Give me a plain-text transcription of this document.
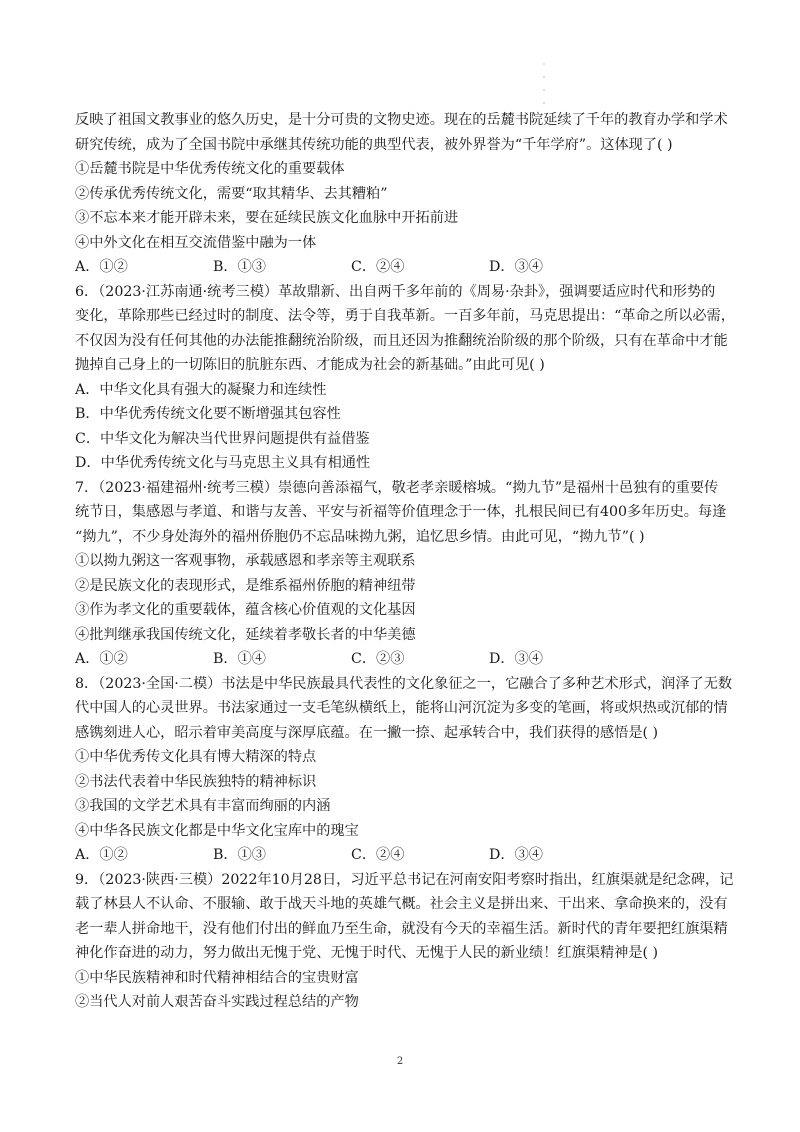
·
·
·
·
反映了祖国文教事业的悠久历史，是十分可贵的文物史迹。现在的岳麓书院延续了千年的教育办学和学术
研究传统，成为了全国书院中承继其传统功能的典型代表，被外界誉为“千年学府”。这体现了( )
①岳麓书院是中华优秀传统文化的重要载体
②传承优秀传统文化，需要“取其精华、去其糟粕”
③不忘本来才能开辟未来，要在延续民族文化血脉中开拓前进
④中外文化在相互交流借鉴中融为一体
A．①②	B．①③	C．②④	D．③④
6．（2023·江苏南通·统考三模）革故鼎新、出自两千多年前的《周易·杂卦》，强调要适应时代和形势的
变化，革除那些已经过时的制度、法令等，勇于自我革新。一百多年前，马克思提出：“革命之所以必需，
不仅因为没有任何其他的办法能推翻统治阶级，而且还因为推翻统治阶级的那个阶级，只有在革命中才能
抛掉自己身上的一切陈旧的肮脏东西、才能成为社会的新基础。”由此可见( )
A．中华文化具有强大的凝聚力和连续性
B．中华优秀传统文化要不断增强其包容性
C．中华文化为解决当代世界问题提供有益借鉴
D．中华优秀传统文化与马克思主义具有相通性
7．（2023·福建福州·统考三模）崇德向善添福气，敬老孝亲暖榕城。“拗九节”是福州十邑独有的重要传
统节日，集感恩与孝道、和谐与友善、平安与祈福等价值理念于一体，扎根民间已有400多年历史。每逢
“拗九”，不少身处海外的福州侨胞仍不忘品味拗九粥，追忆思乡情。由此可见，“拗九节”( )
①以拗九粥这一客观事物，承载感恩和孝亲等主观联系
②是民族文化的表现形式，是维系福州侨胞的精神纽带
③作为孝文化的重要载体，蕴含核心价值观的文化基因
④批判继承我国传统文化，延续着孝敬长者的中华美德
A．①②	B．①④	C．②③	D．③④
8．（2023·全国·二模）书法是中华民族最具代表性的文化象征之一，它融合了多种艺术形式，润泽了无数
代中国人的心灵世界。书法家通过一支毛笔纵横纸上，能将山河沉淀为多变的笔画，将或炽热或沉郁的情
感镌刻进人心，昭示着审美高度与深厚底蕴。在一撇一捺、起承转合中，我们获得的感悟是( )
①中华优秀传文化具有博大精深的特点
②书法代表着中华民族独特的精神标识
③我国的文学艺术具有丰富而绚丽的内涵
④中华各民族文化都是中华文化宝库中的瑰宝
A．①②	B．①③	C．②④	D．③④
9．（2023·陕西·三模）2022年10月28日，习近平总书记在河南安阳考察时指出，红旗渠就是纪念碑，记
载了林县人不认命、不服输、敢于战天斗地的英雄气概。社会主义是拼出来、干出来、拿命换来的，没有
老一辈人拼命地干，没有他们付出的鲜血乃至生命，就没有今天的幸福生活。新时代的青年要把红旗渠精
神化作奋进的动力，努力做出无愧于党、无愧于时代、无愧于人民的新业绩！红旗渠精神是( )
①中华民族精神和时代精神相结合的宝贵财富
②当代人对前人艰苦奋斗实践过程总结的产物
2
